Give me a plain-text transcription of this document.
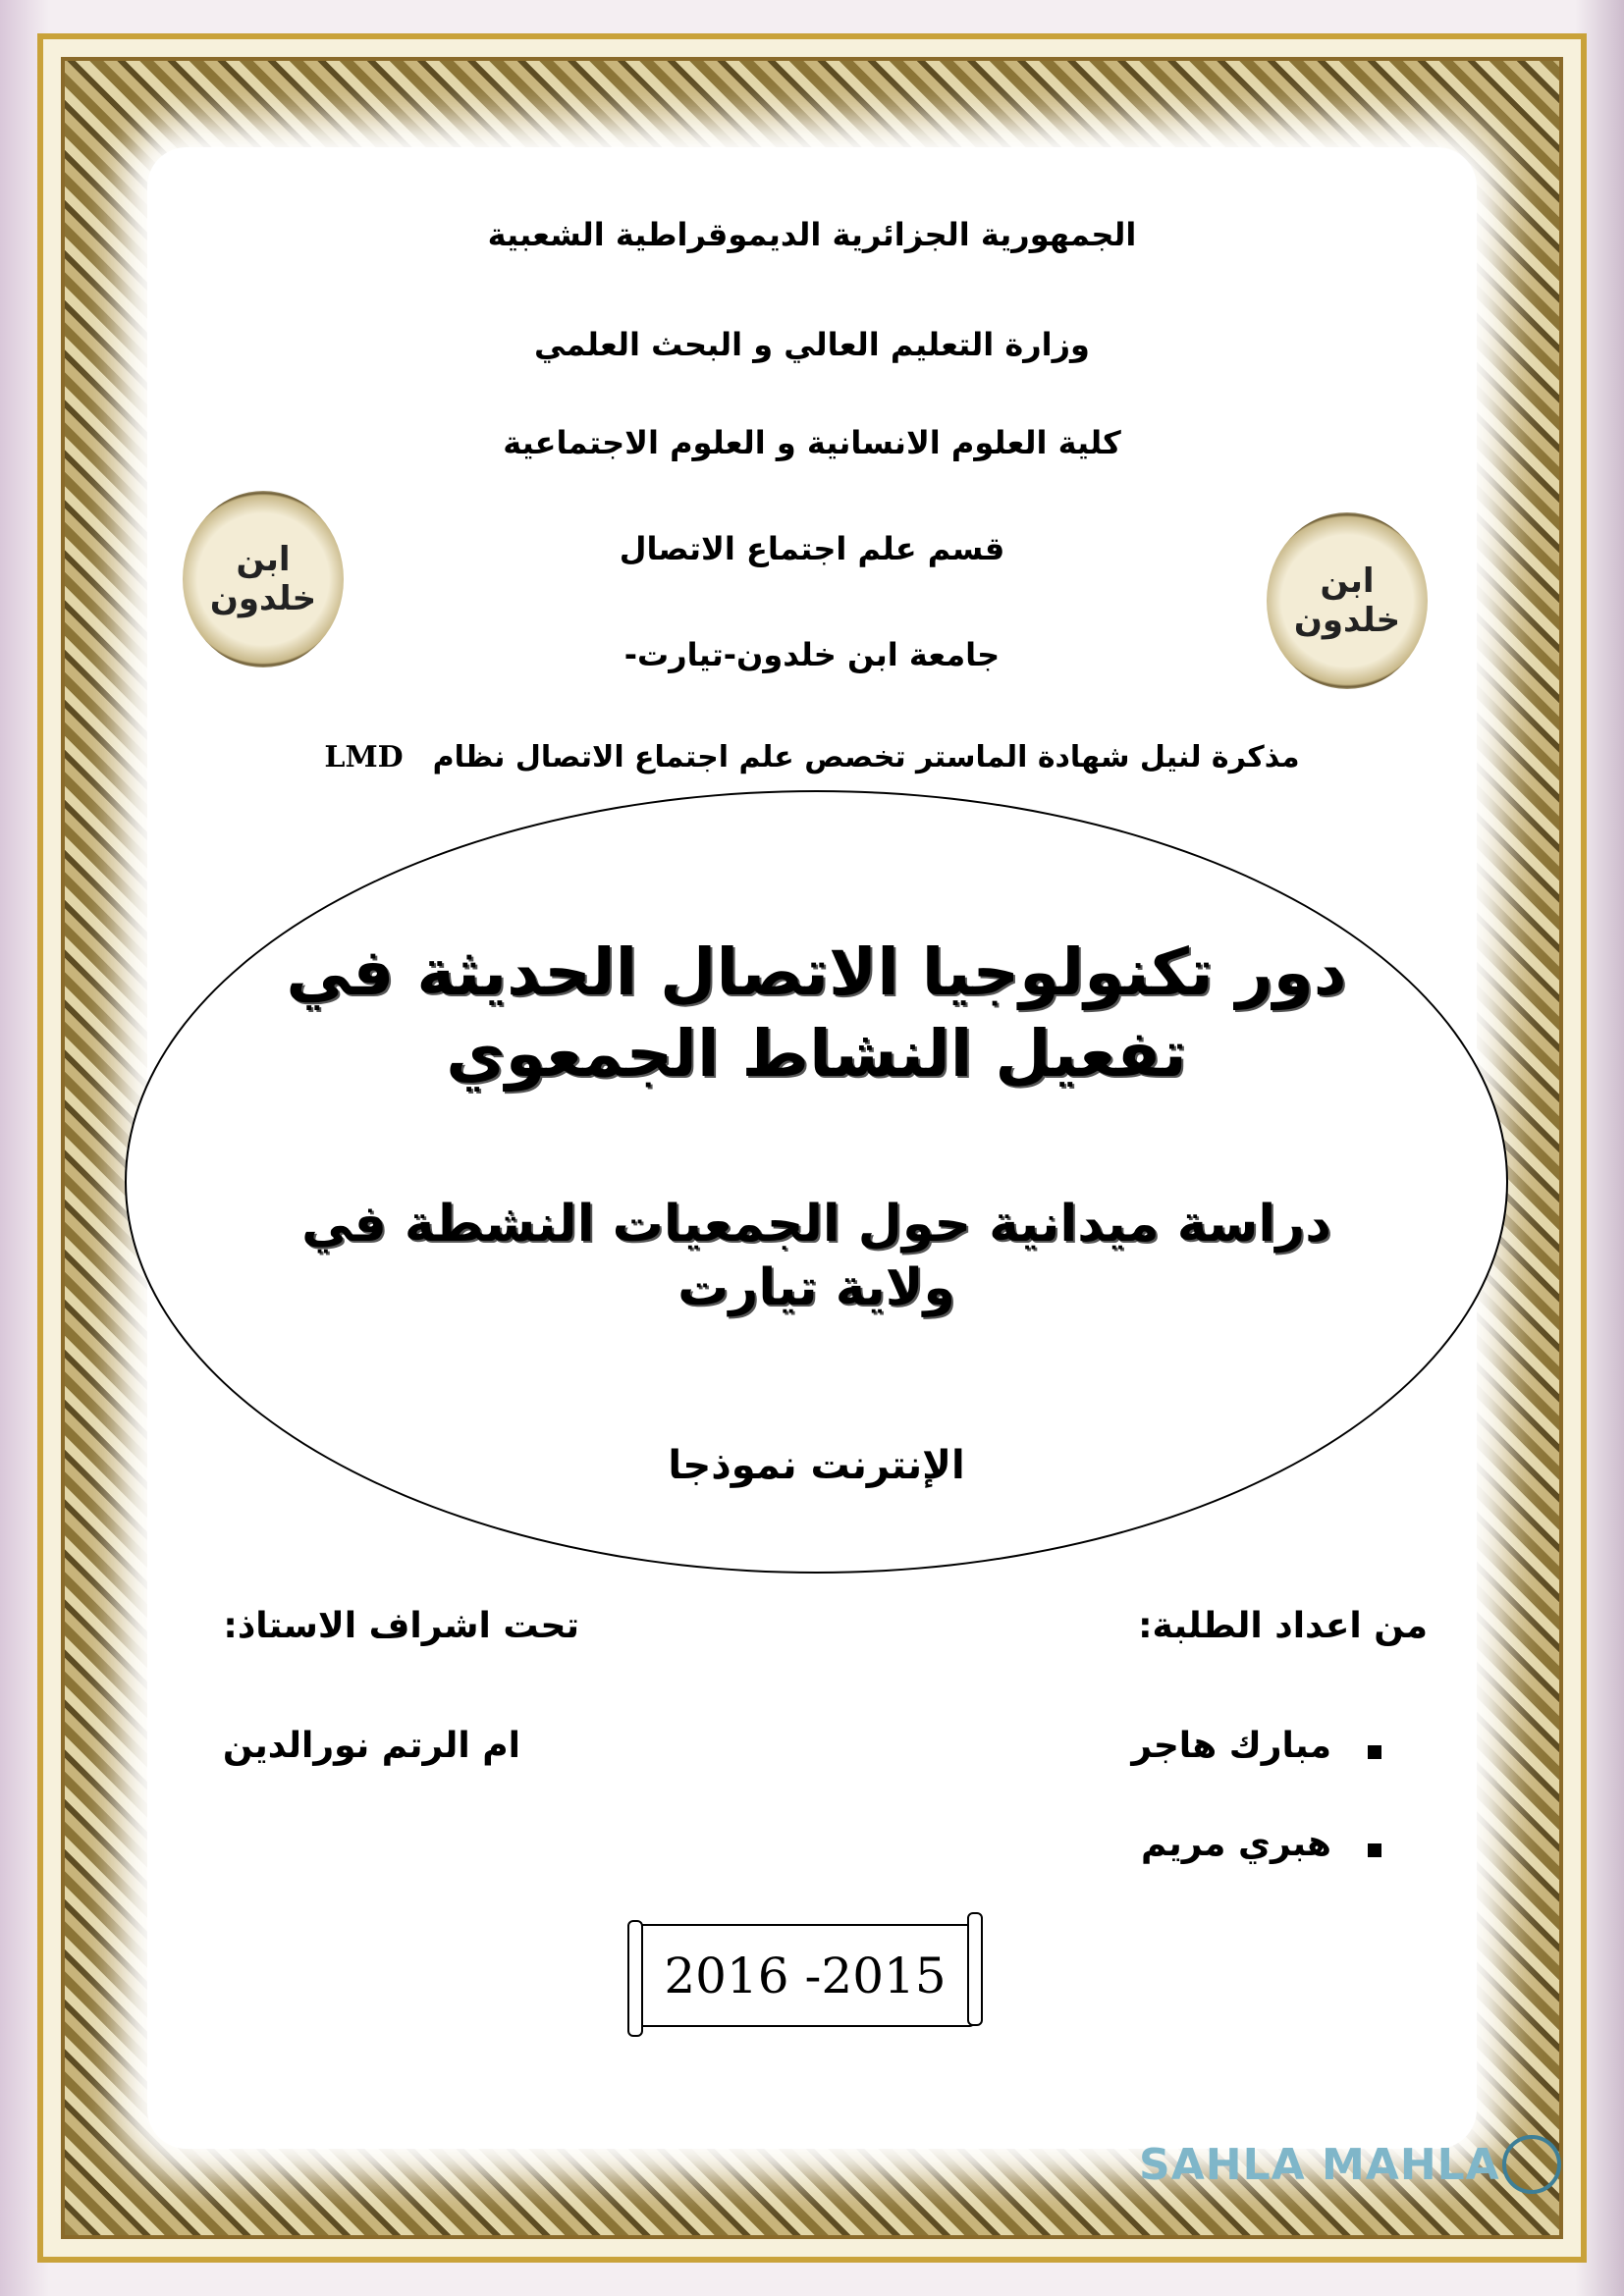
الجمهورية الجزائرية الديموقراطية الشعبية
وزارة التعليم العالي و البحث العلمي
كلية العلوم الانسانية و العلوم الاجتماعية
قسم علم اجتماع الاتصال
جامعة ابن خلدون-تيارت-
مذكرة لنيل شهادة الماستر تخصص علم اجتماع الاتصال نظامLMD
ابن خلدون	ابن خلدون
دور تكنولوجيا الاتصال الحديثة في تفعيل النشاط الجمعوي
دراسة ميدانية حول الجمعيات النشطة في ولاية تيارت
الإنترنت نموذجا
من اعداد الطلبة:
تحت اشراف الاستاذ:
مبارك هاجر
هبري مريم
ام الرتم نورالدين
2016 -2015
SAHLA MAHLA
